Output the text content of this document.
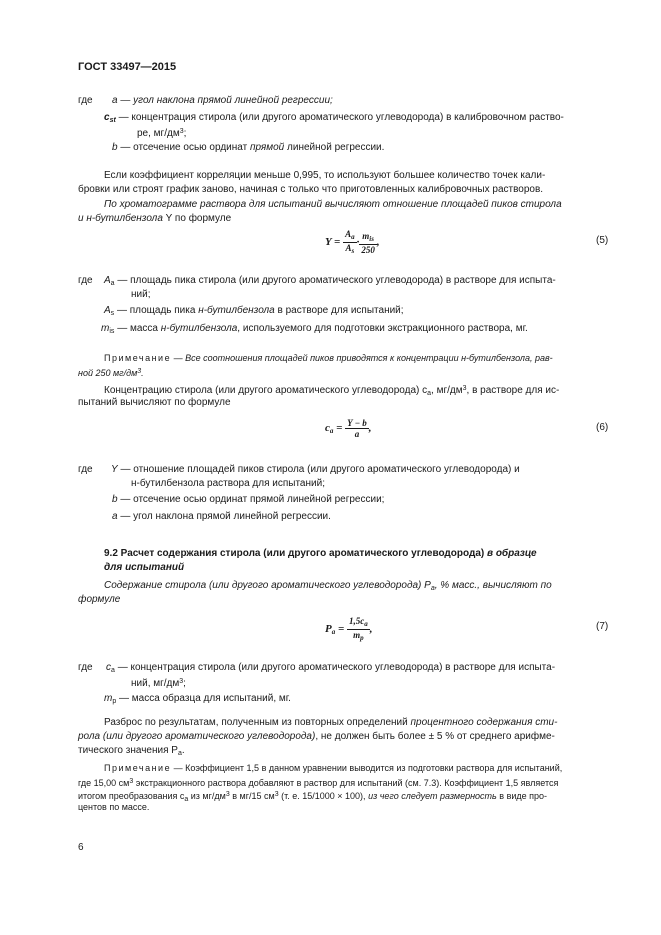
ГОСТ 33497—2015
где a — угол наклона прямой линейной регрессии;
$c_{st}$ — концентрация стирола (или другого ароматического углеводорода) в калибровочном раство-
ре, $мг/дм^3$;
b — отсечение осью ординат прямой линейной регрессии.
Если коэффициент корреляции меньше 0,995, то используют большее количество точек кали-
бровки или строят график заново, начиная с только что приготовленных калибровочных растворов.
По хроматограмме раствора для испытаний вычисляют отношение площадей пиков стирола
и н-бутилбензола Y по формуле
$Y = \frac{A_a}{A_s} \cdot \frac{m_{is}}{250}$ ,	(5)
где $A_a$ — площадь пика стирола (или другого ароматического углеводорода) в растворе для испыта-
ний;
$A_s$ — площадь пика н-бутилбензола в растворе для испытаний;
$m_{is}$ — масса н-бутилбензола, используемого для подготовки экстракционного раствора, мг.
Примечание — Все соотношения площадей пиков приводятся к концентрации н-бутилбензола, рав-
ной 250 $мг/дм^3$.
Концентрацию стирола (или другого ароматического углеводорода) $c_a$, $мг/дм^3$, в растворе для ис-
пытаний вычисляют по формуле
$c_a = \frac{Y - b}{a}$ ,	(6)
где Y — отношение площадей пиков стирола (или другого ароматического углеводорода) и
н-бутилбензола раствора для испытаний;
b — отсечение осью ординат прямой линейной регрессии;
a — угол наклона прямой линейной регрессии.
9.2 Расчет содержания стирола (или другого ароматического углеводорода) в образце
для испытаний
Содержание стирола (или другого ароматического углеводорода) $P_a$, % масс., вычисляют по
формуле
$P_a = \frac{1,5c_a}{m_p}$ ,	(7)
где $c_a$ — концентрация стирола (или другого ароматического углеводорода) в растворе для испыта-
ний, $мг/дм^3$;
$m_p$ — масса образца для испытаний, мг.
Разброс по результатам, полученным из повторных определений процентного содержания сти-
рола (или другого ароматического углеводорода), не должен быть более ± 5 % от среднего арифме-
тического значения $P_a$.
Примечание — Коэффициент 1,5 в данном уравнении выводится из подготовки раствора для испытаний,
где 15,00 $см^3$ экстракционного раствора добавляют в раствор для испытаний (см. 7.3). Коэффициент 1,5 является
итогом преобразования $c_a$ из $мг/дм^3$ в мг/15 $см^3$ (т. е. 15/1000 × 100), из чего следует размерность в виде про-
центов по массе.
6
